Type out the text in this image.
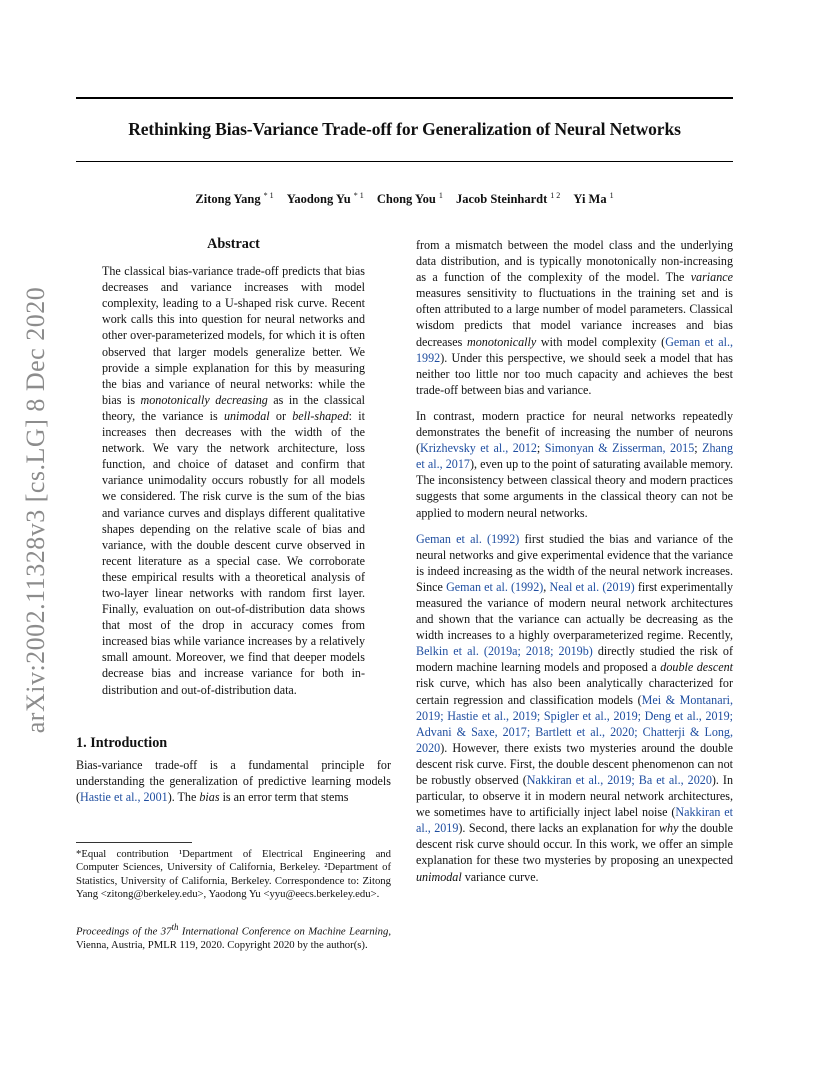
Rethinking Bias-Variance Trade-off for Generalization of Neural Networks
Zitong Yang $^{* 1}$ Yaodong Yu $^{* 1}$ Chong You $^1$ Jacob Steinhardt $^{1 2}$ Yi Ma $^1$
arXiv:2002.11328v3 [cs.LG] 8 Dec 2020
Abstract

The classical bias-variance trade-off predicts that bias decreases and variance increases with model complexity, leading to a U-shaped risk curve. Recent work calls this into question for neural networks and other over-parameterized models, for which it is often observed that larger models generalize better. We provide a simple explanation for this by measuring the bias and variance of neural networks: while the bias is monotonically decreasing as in the classical theory, the variance is unimodal or bell-shaped: it increases then decreases with the width of the network. We vary the network architecture, loss function, and choice of dataset and confirm that variance unimodality occurs robustly for all models we considered. The risk curve is the sum of the bias and variance curves and displays different qualitative shapes depending on the relative scale of bias and variance, with the double descent curve observed in recent literature as a special case. We corroborate these empirical results with a theoretical analysis of two-layer linear networks with random first layer. Finally, evaluation on out-of-distribution data shows that most of the drop in accuracy comes from increased bias while variance increases by a relatively small amount. Moreover, we find that deeper models decrease bias and increase variance for both in-distribution and out-of-distribution data.

1. Introduction

Bias-variance trade-off is a fundamental principle for understanding the generalization of predictive learning models (Hastie et al., 2001). The bias is an error term that stems

*Equal contribution ¹Department of Electrical Engineering and Computer Sciences, University of California, Berkeley. ²Department of Statistics, University of California, Berkeley. Correspondence to: Zitong Yang <zitong@berkeley.edu>, Yaodong Yu <yyu@eecs.berkeley.edu>.

Proceedings of the 37th International Conference on Machine Learning, Vienna, Austria, PMLR 119, 2020. Copyright 2020 by the author(s).

from a mismatch between the model class and the underlying data distribution, and is typically monotonically non-increasing as a function of the complexity of the model. The variance measures sensitivity to fluctuations in the training set and is often attributed to a large number of model parameters. Classical wisdom predicts that model variance increases and bias decreases monotonically with model complexity (Geman et al., 1992). Under this perspective, we should seek a model that has neither too little nor too much capacity and achieves the best trade-off between bias and variance.

In contrast, modern practice for neural networks repeatedly demonstrates the benefit of increasing the number of neurons (Krizhevsky et al., 2012; Simonyan & Zisserman, 2015; Zhang et al., 2017), even up to the point of saturating available memory. The inconsistency between classical theory and modern practices suggests that some arguments in the classical theory can not be applied to modern neural networks.

Geman et al. (1992) first studied the bias and variance of the neural networks and give experimental evidence that the variance is indeed increasing as the width of the neural network increases. Since Geman et al. (1992), Neal et al. (2019) first experimentally measured the variance of modern neural network architectures and shown that the variance can actually be decreasing as the width increases to a highly overparameterized regime. Recently, Belkin et al. (2019a; 2018; 2019b) directly studied the risk of modern machine learning models and proposed a double descent risk curve, which has also been analytically characterized for certain regression and classification models (Mei & Montanari, 2019; Hastie et al., 2019; Spigler et al., 2019; Deng et al., 2019; Advani & Saxe, 2017; Bartlett et al., 2020; Chatterji & Long, 2020). However, there exists two mysteries around the double descent risk curve. First, the double descent phenomenon can not be robustly observed (Nakkiran et al., 2019; Ba et al., 2020). In particular, to observe it in modern neural network architectures, we sometimes have to artificially inject label noise (Nakkiran et al., 2019). Second, there lacks an explanation for why the double descent risk curve should occur. In this work, we offer an simple explanation for these two mysteries by proposing an unexpected unimodal variance curve.
